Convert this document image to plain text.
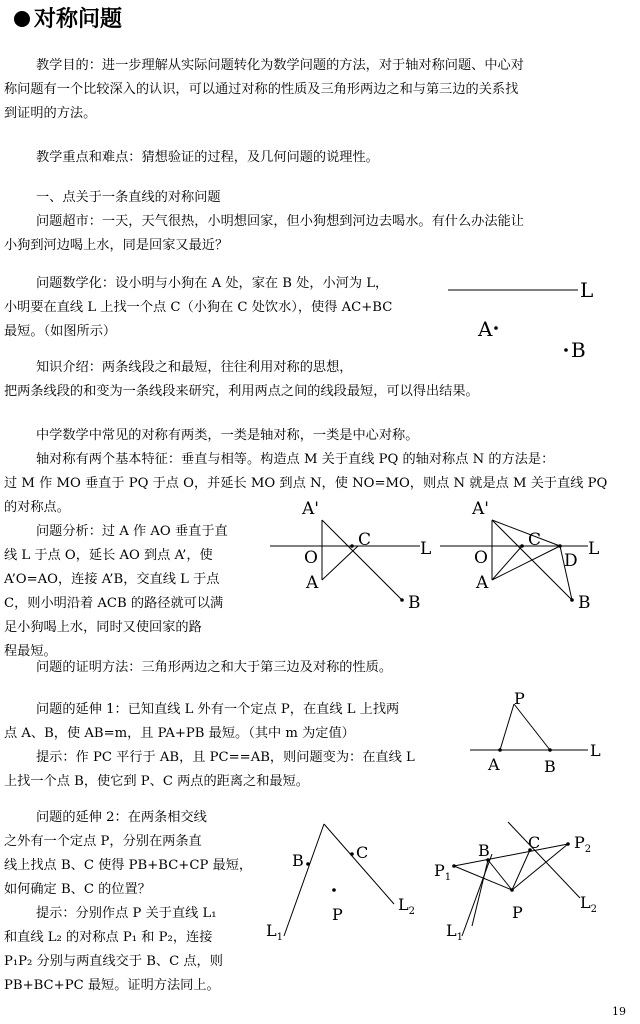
对称问题
教学目的：进一步理解从实际问题转化为数学问题的方法，对于轴对称问题、中心对
称问题有一个比较深入的认识，可以通过对称的性质及三角形两边之和与第三边的关系找
到证明的方法。
教学重点和难点：猜想验证的过程，及几何问题的说理性。
一、点关于一条直线的对称问题
问题超市：一天，天气很热，小明想回家，但小狗想到河边去喝水。有什么办法能让
小狗到河边喝上水，同是回家又最近？
问题数学化：设小明与小狗在 A 处，家在 B 处，小河为 L，
小明要在直线 L 上找一个点 C（小狗在 C 处饮水），使得 AC+BC
最短。（如图所示）
L
A
B
知识介绍：两条线段之和最短，往往利用对称的思想，
把两条线段的和变为一条线段来研究，利用两点之间的线段最短，可以得出结果。
中学数学中常见的对称有两类，一类是轴对称，一类是中心对称。
轴对称有两个基本特征：垂直与相等。构造点 M 关于直线 PQ 的轴对称点 N 的方法是：
过 M 作 MO 垂直于 PQ 于点 O，并延长 MO 到点 N，使 NO=MO，则点 N 就是点 M 关于直线 PQ
的对称点。
问题分析：过 A 作 AO 垂直于直
线 L 于点 O，延长 AO 到点 A’，使
A’O=AO，连接 A’B，交直线 L 于点
C，则小明沿着 ACB 的路径就可以满
足小狗喝上水，同时又使回家的路
程最短。
A'
C	L
O
A
B
A'
C	L
O	D
A
B
问题的证明方法：三角形两边之和大于第三边及对称的性质。
问题的延伸 1：已知直线 L 外有一个定点 P，在直线 L 上找两
点 A、B，使 AB=m，且 PA+PB 最短。（其中 m 为定值）
提示：作 PC 平行于 AB，且 PC==AB，则问题变为：在直线 L
上找一个点 B，使它到 P、C 两点的距离之和最短。
P
L
A	B
问题的延伸 2：在两条相交线
之外有一个定点 P，分别在两条直
线上找点 B、C 使得 PB+BC+CP 最短，
如何确定 B、C 的位置？
提示：分别作点 P 关于直线 L₁
和直线 L₂ 的对称点 P₁ 和 P₂，连接
P₁P₂ 分别与两直线交于 B、C 点，则
PB+BC+PC 最短。证明方法同上。
B	C
P
$L_2$
$L_1$
B C $P_2$
$P_1$
P
$L_2$
$L_1$
19
